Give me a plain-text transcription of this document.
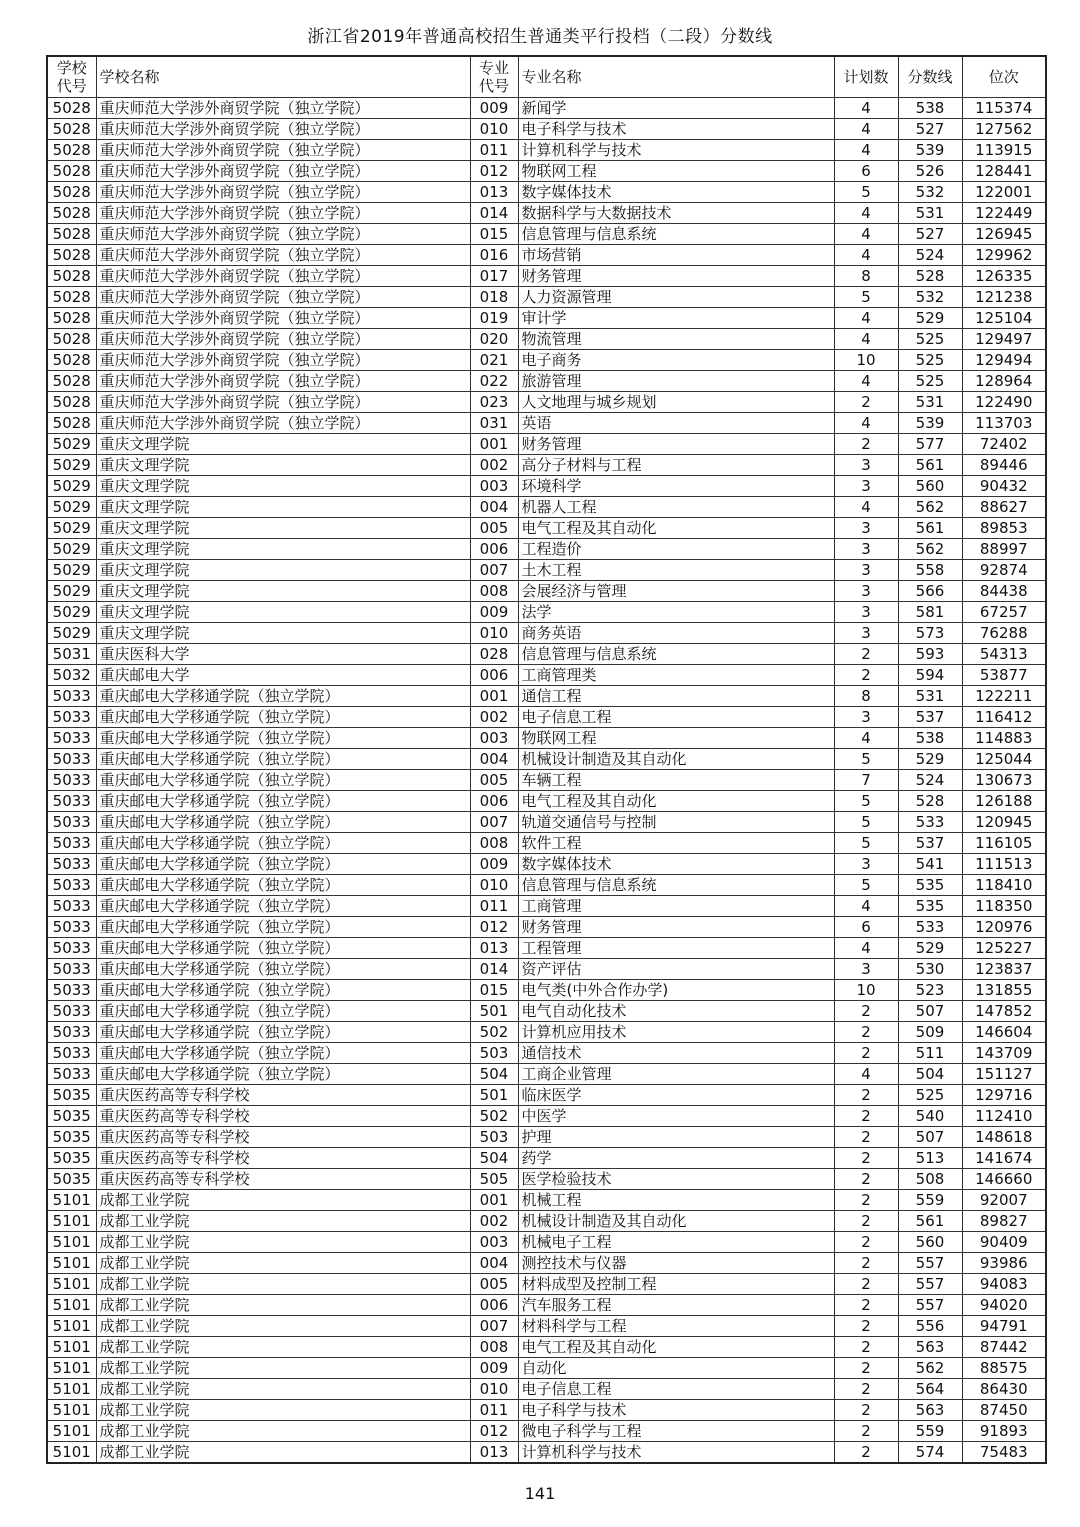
浙江省2019年普通高校招生普通类平行投档（二段）分数线
学校代号	学校名称	专业代号	专业名称	计划数	分数线	位次
5028	重庆师范大学涉外商贸学院（独立学院）	009	新闻学	4	538	115374
5028	重庆师范大学涉外商贸学院（独立学院）	010	电子科学与技术	4	527	127562
5028	重庆师范大学涉外商贸学院（独立学院）	011	计算机科学与技术	4	539	113915
5028	重庆师范大学涉外商贸学院（独立学院）	012	物联网工程	6	526	128441
5028	重庆师范大学涉外商贸学院（独立学院）	013	数字媒体技术	5	532	122001
5028	重庆师范大学涉外商贸学院（独立学院）	014	数据科学与大数据技术	4	531	122449
5028	重庆师范大学涉外商贸学院（独立学院）	015	信息管理与信息系统	4	527	126945
5028	重庆师范大学涉外商贸学院（独立学院）	016	市场营销	4	524	129962
5028	重庆师范大学涉外商贸学院（独立学院）	017	财务管理	8	528	126335
5028	重庆师范大学涉外商贸学院（独立学院）	018	人力资源管理	5	532	121238
5028	重庆师范大学涉外商贸学院（独立学院）	019	审计学	4	529	125104
5028	重庆师范大学涉外商贸学院（独立学院）	020	物流管理	4	525	129497
5028	重庆师范大学涉外商贸学院（独立学院）	021	电子商务	10	525	129494
5028	重庆师范大学涉外商贸学院（独立学院）	022	旅游管理	4	525	128964
5028	重庆师范大学涉外商贸学院（独立学院）	023	人文地理与城乡规划	2	531	122490
5028	重庆师范大学涉外商贸学院（独立学院）	031	英语	4	539	113703
5029	重庆文理学院	001	财务管理	2	577	72402
5029	重庆文理学院	002	高分子材料与工程	3	561	89446
5029	重庆文理学院	003	环境科学	3	560	90432
5029	重庆文理学院	004	机器人工程	4	562	88627
5029	重庆文理学院	005	电气工程及其自动化	3	561	89853
5029	重庆文理学院	006	工程造价	3	562	88997
5029	重庆文理学院	007	土木工程	3	558	92874
5029	重庆文理学院	008	会展经济与管理	3	566	84438
5029	重庆文理学院	009	法学	3	581	67257
5029	重庆文理学院	010	商务英语	3	573	76288
5031	重庆医科大学	028	信息管理与信息系统	2	593	54313
5032	重庆邮电大学	006	工商管理类	2	594	53877
5033	重庆邮电大学移通学院（独立学院）	001	通信工程	8	531	122211
5033	重庆邮电大学移通学院（独立学院）	002	电子信息工程	3	537	116412
5033	重庆邮电大学移通学院（独立学院）	003	物联网工程	4	538	114883
5033	重庆邮电大学移通学院（独立学院）	004	机械设计制造及其自动化	5	529	125044
5033	重庆邮电大学移通学院（独立学院）	005	车辆工程	7	524	130673
5033	重庆邮电大学移通学院（独立学院）	006	电气工程及其自动化	5	528	126188
5033	重庆邮电大学移通学院（独立学院）	007	轨道交通信号与控制	5	533	120945
5033	重庆邮电大学移通学院（独立学院）	008	软件工程	5	537	116105
5033	重庆邮电大学移通学院（独立学院）	009	数字媒体技术	3	541	111513
5033	重庆邮电大学移通学院（独立学院）	010	信息管理与信息系统	5	535	118410
5033	重庆邮电大学移通学院（独立学院）	011	工商管理	4	535	118350
5033	重庆邮电大学移通学院（独立学院）	012	财务管理	6	533	120976
5033	重庆邮电大学移通学院（独立学院）	013	工程管理	4	529	125227
5033	重庆邮电大学移通学院（独立学院）	014	资产评估	3	530	123837
5033	重庆邮电大学移通学院（独立学院）	015	电气类(中外合作办学)	10	523	131855
5033	重庆邮电大学移通学院（独立学院）	501	电气自动化技术	2	507	147852
5033	重庆邮电大学移通学院（独立学院）	502	计算机应用技术	2	509	146604
5033	重庆邮电大学移通学院（独立学院）	503	通信技术	2	511	143709
5033	重庆邮电大学移通学院（独立学院）	504	工商企业管理	4	504	151127
5035	重庆医药高等专科学校	501	临床医学	2	525	129716
5035	重庆医药高等专科学校	502	中医学	2	540	112410
5035	重庆医药高等专科学校	503	护理	2	507	148618
5035	重庆医药高等专科学校	504	药学	2	513	141674
5035	重庆医药高等专科学校	505	医学检验技术	2	508	146660
5101	成都工业学院	001	机械工程	2	559	92007
5101	成都工业学院	002	机械设计制造及其自动化	2	561	89827
5101	成都工业学院	003	机械电子工程	2	560	90409
5101	成都工业学院	004	测控技术与仪器	2	557	93986
5101	成都工业学院	005	材料成型及控制工程	2	557	94083
5101	成都工业学院	006	汽车服务工程	2	557	94020
5101	成都工业学院	007	材料科学与工程	2	556	94791
5101	成都工业学院	008	电气工程及其自动化	2	563	87442
5101	成都工业学院	009	自动化	2	562	88575
5101	成都工业学院	010	电子信息工程	2	564	86430
5101	成都工业学院	011	电子科学与技术	2	563	87450
5101	成都工业学院	012	微电子科学与工程	2	559	91893
5101	成都工业学院	013	计算机科学与技术	2	574	75483
141
